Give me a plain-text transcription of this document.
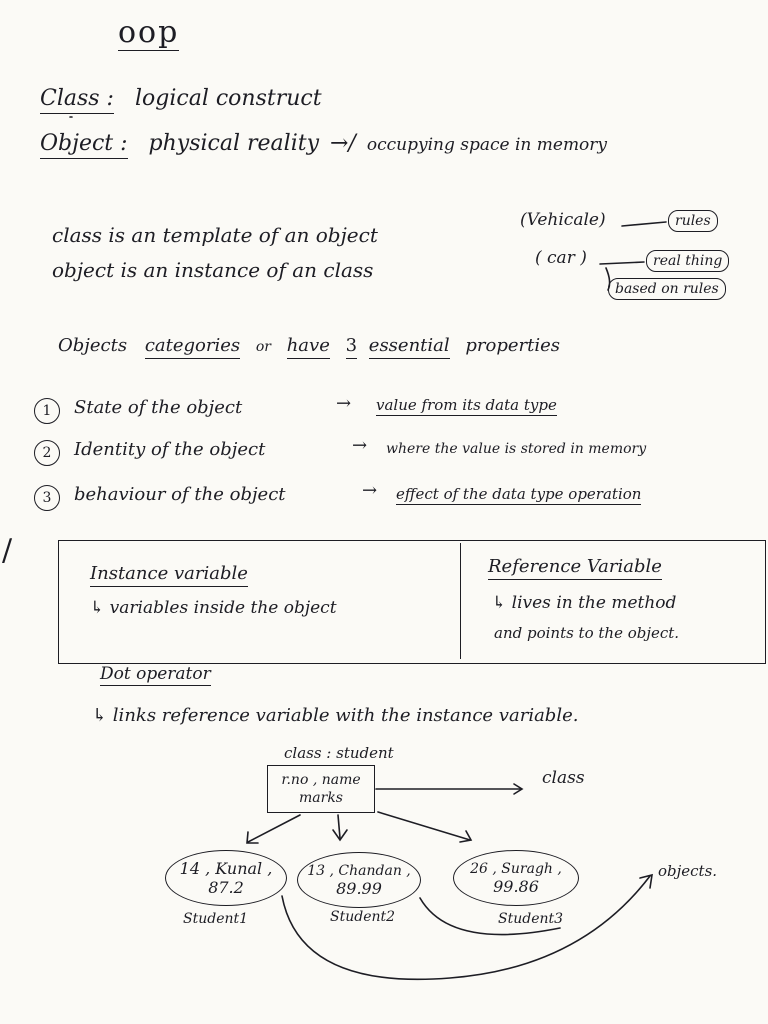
oop
Class : logical construct
Object : physical reality →/ occupying space in memory
class is an template of an object
(Vehicale)	rules
object is an instance of an class	( car )	real thing
based on rules
Objects categories or have 3 essential properties
1	State of the object	→ value from its data type
2	Identity of the object	→ where the value is stored in memory
3	behaviour of the object	→ effect of the data type operation
/
Instance variable
↳ variables inside the object
Reference Variable
↳ lives in the method
and points to the object.
Dot operator
↳ links reference variable with the instance variable.
class : student
r.no , name
marks
class
14 , Kunal ,
87.2
Student1
13 , Chandan ,
89.99
Student2
26 , Suragh ,
99.86
Student3
objects.
